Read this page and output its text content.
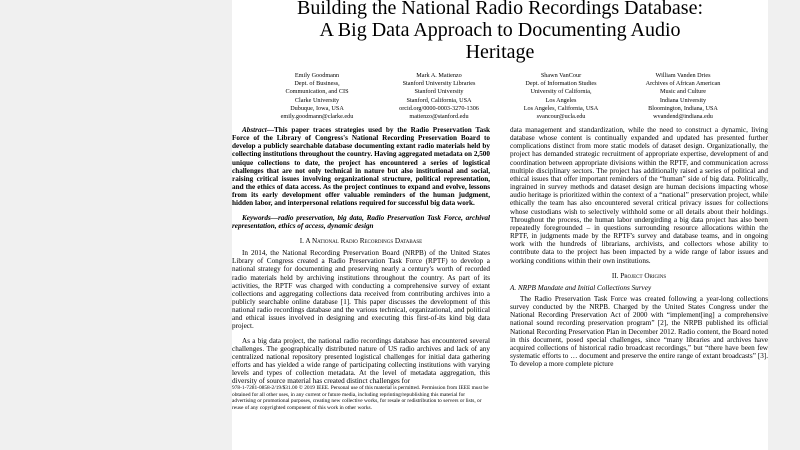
Building the National Radio Recordings Database:
A Big Data Approach to Documenting Audio
Heritage
Emily Goodmann
Dept. of Business,
Communication, and CIS
Clarke University
Dubuque, Iowa, USA
emily.goodmann@clarke.edu
Mark A. Matienzo
Stanford University Libraries
Stanford University
Stanford, California, USA
orcid.org/0000-0003-3270-1306
matienzo@stanford.edu
Shawn VanCour
Dept. of Information Studies
University of California,
Los Angeles
Los Angeles, California, USA
svancour@ucla.edu
William Vanden Dries
Archives of African American
Music and Culture
Indiana University
Bloomington, Indiana, USA
wvandend@indiana.edu

Abstract—This paper traces strategies used by the Radio Preservation Task Force of the Library of Congress's National Recording Preservation Board to develop a publicly searchable database documenting extant radio materials held by collecting institutions throughout the country. Having aggregated metadata on 2,500 unique collections to date, the project has encountered a series of logistical challenges that are not only technical in nature but also institutional and social, raising critical issues involving organizational structure, political representation, and the ethics of data access. As the project continues to expand and evolve, lessons from its early development offer valuable reminders of the human judgment, hidden labor, and interpersonal relations required for successful big data work.

Keywords—radio preservation, big data, Radio Preservation Task Force, archival representation, ethics of access, dynamic design

I. A National Radio Recordings Database

In 2014, the National Recording Preservation Board (NRPB) of the United States Library of Congress created a Radio Preservation Task Force (RPTF) to develop a national strategy for documenting and preserving nearly a century's worth of recorded radio materials held by archiving institutions throughout the country. As part of its activities, the RPTF was charged with conducting a comprehensive survey of extant collections and aggregating collections data received from contributing archives into a publicly searchable online database [1]. This paper discusses the development of this national radio recordings database and the various technical, organizational, and political and ethical issues involved in designing and executing this first-of-its kind big data project.

As a big data project, the national radio recordings database has encountered several challenges. The geographically distributed nature of US radio archives and lack of any centralized national repository presented logistical challenges for initial data gathering efforts and has yielded a wide range of participating collecting institutions with varying levels and types of collection metadata. At the level of metadata aggregation, this diversity of source material has created distinct challenges for

978-1-7281-0858-2/19/$31.00 © 2019 IEEE. Personal use of this material is permitted. Permission from IEEE must be obtained for all other uses, in any current or future media, including reprinting/republishing this material for advertising or promotional purposes, creating new collective works, for resale or redistribution to servers or lists, or reuse of any copyrighted component of this work in other works.

data management and standardization, while the need to construct a dynamic, living database whose content is continually expanded and updated has presented further complications distinct from more static models of dataset design. Organizationally, the project has demanded strategic recruitment of appropriate expertise, development of and coordination between appropriate divisions within the RPTF, and communication across multiple disciplinary sectors. The project has additionally raised a series of political and ethical issues that offer important reminders of the “human” side of big data. Politically, ingrained in survey methods and dataset design are human decisions impacting whose audio heritage is prioritized within the context of a “national” preservation project, while ethically the team has also encountered several critical privacy issues for collections whose custodians wish to selectively withhold some or all details about their holdings. Throughout the process, the human labor undergirding a big data project has also been repeatedly foregrounded – in questions surrounding resource allocations within the RPTF, in judgments made by the RPTF's survey and database teams, and in ongoing work with the hundreds of librarians, archivists, and collectors whose ability to contribute data to the project has been impacted by a wide range of labor issues and working conditions within their own institutions.

II. Project Origins

A. NRPB Mandate and Initial Collections Survey

The Radio Preservation Task Force was created following a year-long collections survey conducted by the NRPB. Charged by the United States Congress under the National Recording Preservation Act of 2000 with “implement[ing] a comprehensive national sound recording preservation program” [2], the NRPB published its official National Recording Preservation Plan in December 2012. Radio content, the Board noted in this document, posed special challenges, since “many libraries and archives have acquired collections of historical radio broadcast recordings,” but “there have been few systematic efforts to … document and preserve the entire range of extant broadcasts” [3]. To develop a more complete picture
